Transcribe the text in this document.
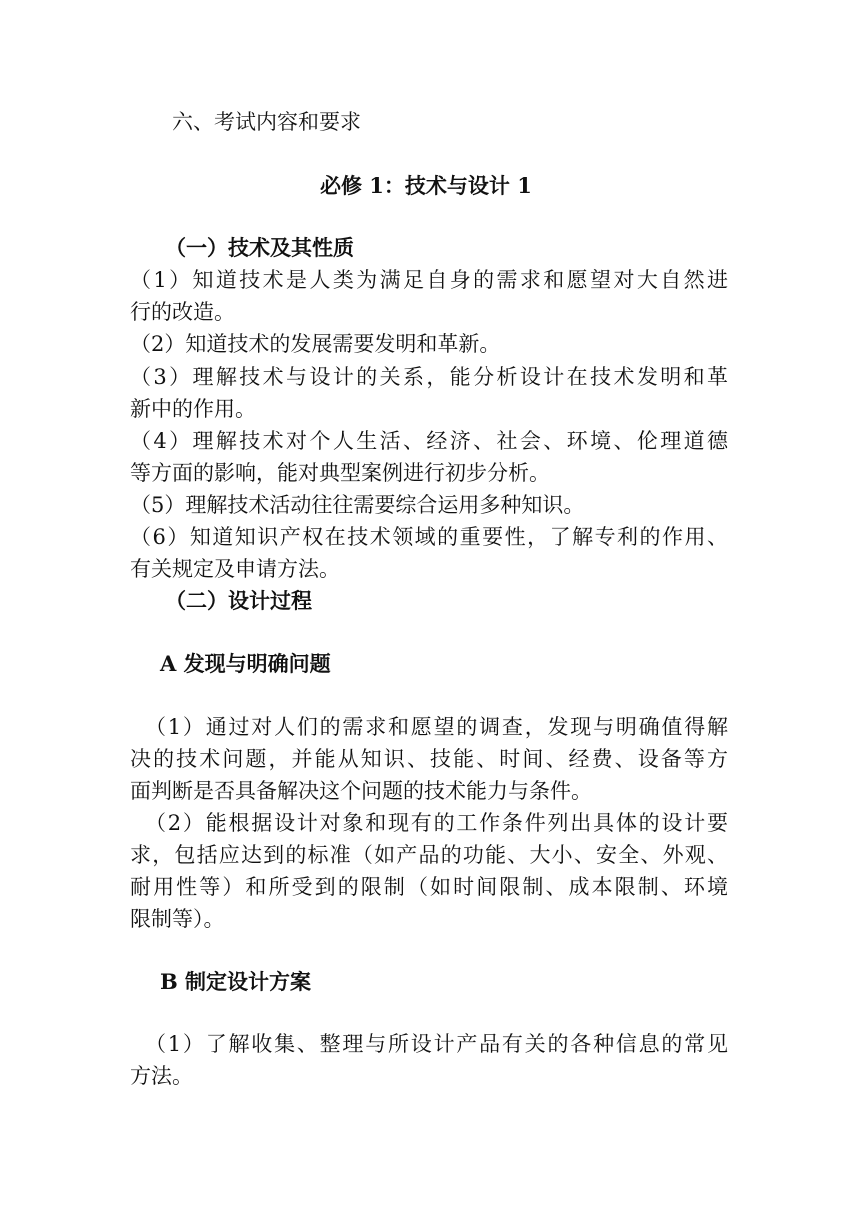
六、考试内容和要求
必修 1：技术与设计 1
（一）技术及其性质
（1）知道技术是人类为满足自身的需求和愿望对大自然进
行的改造。
（2）知道技术的发展需要发明和革新。
（3）理解技术与设计的关系，能分析设计在技术发明和革
新中的作用。
（4）理解技术对个人生活、经济、社会、环境、伦理道德
等方面的影响，能对典型案例进行初步分析。
（5）理解技术活动往往需要综合运用多种知识。
（6）知道知识产权在技术领域的重要性，了解专利的作用、
有关规定及申请方法。
（二）设计过程
A 发现与明确问题
（1）通过对人们的需求和愿望的调查，发现与明确值得解
决的技术问题，并能从知识、技能、时间、经费、设备等方
面判断是否具备解决这个问题的技术能力与条件。
（2）能根据设计对象和现有的工作条件列出具体的设计要
求，包括应达到的标准（如产品的功能、大小、安全、外观、
耐用性等）和所受到的限制（如时间限制、成本限制、环境
限制等）。
B 制定设计方案
（1）了解收集、整理与所设计产品有关的各种信息的常见
方法。
